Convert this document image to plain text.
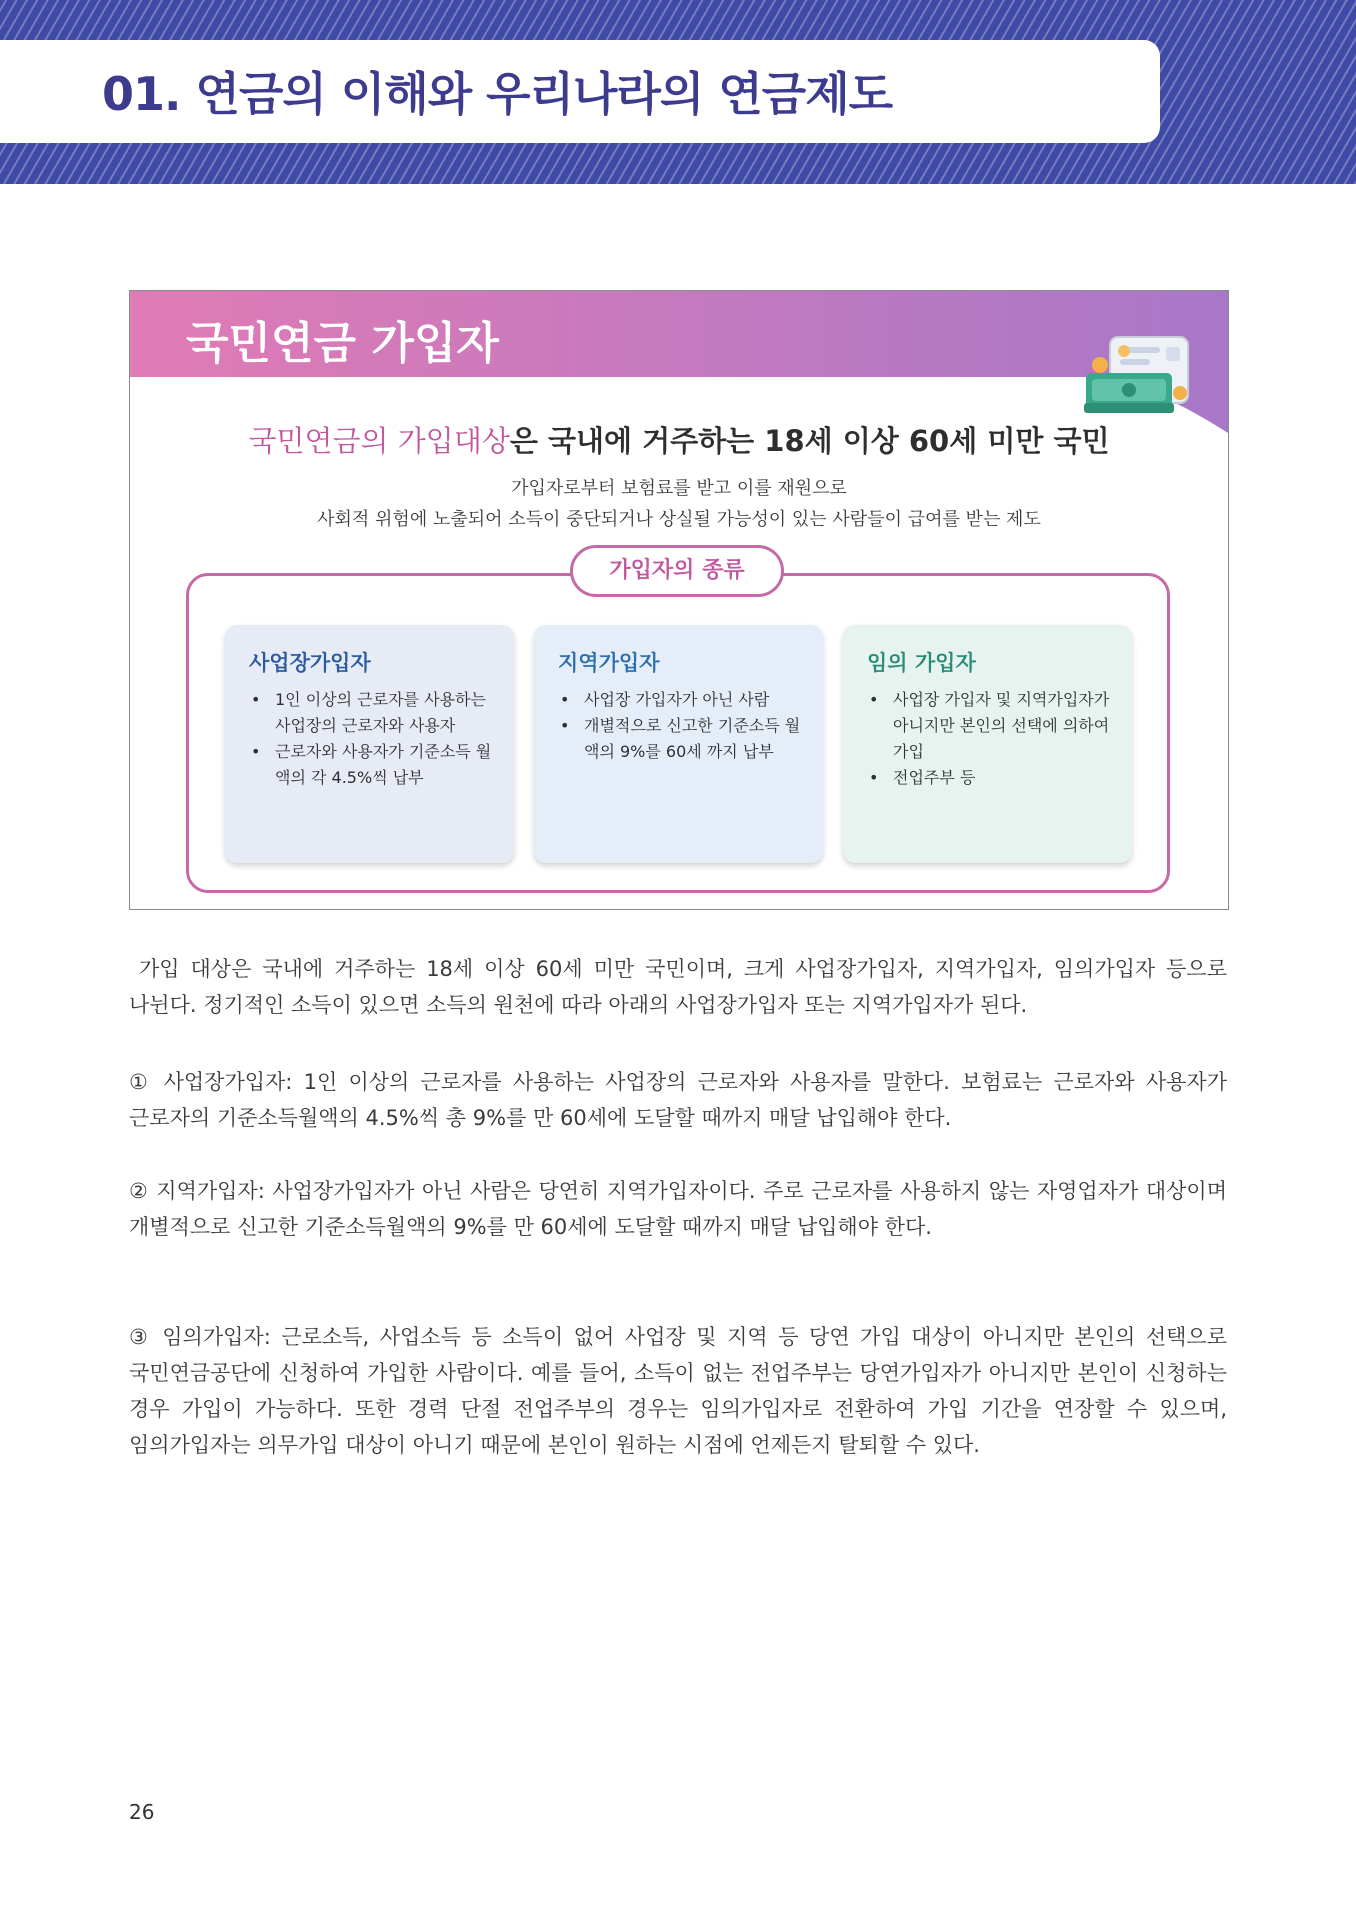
01. 연금의 이해와 우리나라의 연금제도
국민연금 가입자
국민연금의 가입대상은 국내에 거주하는 18세 이상 60세 미만 국민
가입자로부터 보험료를 받고 이를 재원으로
사회적 위험에 노출되어 소득이 중단되거나 상실될 가능성이 있는 사람들이 급여를 받는 제도
가입자의 종류
사업장가입자
• 1인 이상의 근로자를 사용하는 사업장의 근로자와 사용자
• 근로자와 사용자가 기준소득 월액의 각 4.5%씩 납부
지역가입자
• 사업장 가입자가 아닌 사람
• 개별적으로 신고한 기준소득 월액의 9%를 60세 까지 납부
임의 가입자
• 사업장 가입자 및 지역가입자가 아니지만 본인의 선택에 의하여 가입
• 전업주부 등

가입 대상은 국내에 거주하는 18세 이상 60세 미만 국민이며, 크게 사업장가입자, 지역가입자, 임의가입자 등으로 나뉜다. 정기적인 소득이 있으면 소득의 원천에 따라 아래의 사업장가입자 또는 지역가입자가 된다.

① 사업장가입자: 1인 이상의 근로자를 사용하는 사업장의 근로자와 사용자를 말한다. 보험료는 근로자와 사용자가 근로자의 기준소득월액의 4.5%씩 총 9%를 만 60세에 도달할 때까지 매달 납입해야 한다.

② 지역가입자: 사업장가입자가 아닌 사람은 당연히 지역가입자이다. 주로 근로자를 사용하지 않는 자영업자가 대상이며 개별적으로 신고한 기준소득월액의 9%를 만 60세에 도달할 때까지 매달 납입해야 한다.

③ 임의가입자: 근로소득, 사업소득 등 소득이 없어 사업장 및 지역 등 당연 가입 대상이 아니지만 본인의 선택으로 국민연금공단에 신청하여 가입한 사람이다. 예를 들어, 소득이 없는 전업주부는 당연가입자가 아니지만 본인이 신청하는 경우 가입이 가능하다. 또한 경력 단절 전업주부의 경우는 임의가입자로 전환하여 가입 기간을 연장할 수 있으며, 임의가입자는 의무가입 대상이 아니기 때문에 본인이 원하는 시점에 언제든지 탈퇴할 수 있다.

26
